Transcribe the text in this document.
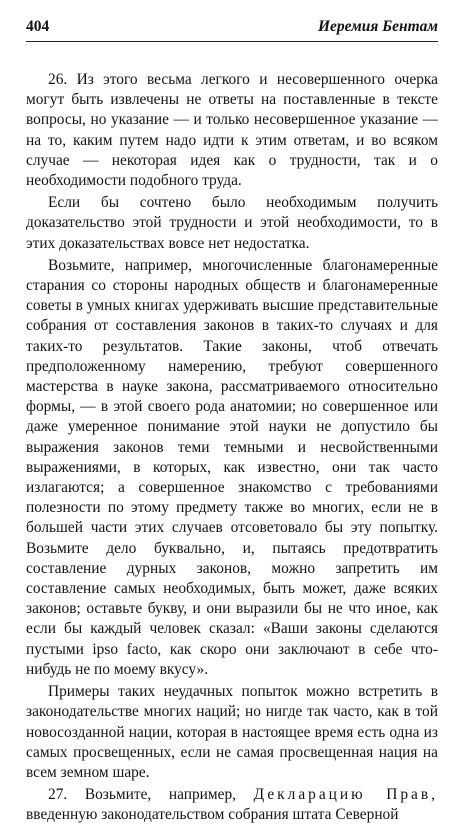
404	Иеремия Бентам

26. Из этого весьма легкого и несовершенного очерка могут быть извлечены не ответы на поставленные в тексте вопросы, но указание — и только несовершенное указание — на то, каким путем надо идти к этим ответам, и во всяком случае — некоторая идея как о трудности, так и о необходимости подобного труда.

Если бы сочтено было необходимым получить доказательство этой трудности и этой необходимости, то в этих доказательствах вовсе нет недостатка.

Возьмите, например, многочисленные благонамеренные старания со стороны народных обществ и благонамеренные советы в умных книгах удерживать высшие представительные собрания от составления законов в таких-то случаях и для таких-то результатов. Такие законы, чтоб отвечать предположенному намерению, требуют совершенного мастерства в науке закона, рассматриваемого относительно формы, — в этой своего рода анатомии; но совершенное или даже умеренное понимание этой науки не допустило бы выражения законов теми темными и несвойственными выражениями, в которых, как известно, они так часто излагаются; а совершенное знакомство с требованиями полезности по этому предмету также во многих, если не в большей части этих случаев отсоветовало бы эту попытку. Возьмите дело буквально, и, пытаясь предотвратить составление дурных законов, можно запретить им составление самых необходимых, быть может, даже всяких законов; оставьте букву, и они выразили бы не что иное, как если бы каждый человек сказал: «Ваши законы сделаются пустыми ipso facto, как скоро они заключают в себе что-нибудь не по моему вкусу».

Примеры таких неудачных попыток можно встретить в законодательстве многих наций; но нигде так часто, как в той новосозданной нации, которая в настоящее время есть одна из самых просвещенных, если не самая просвещенная нация на всем земном шаре.

27. Возьмите, например, Декларацию Прав, введенную законодательством собрания штата Северной
